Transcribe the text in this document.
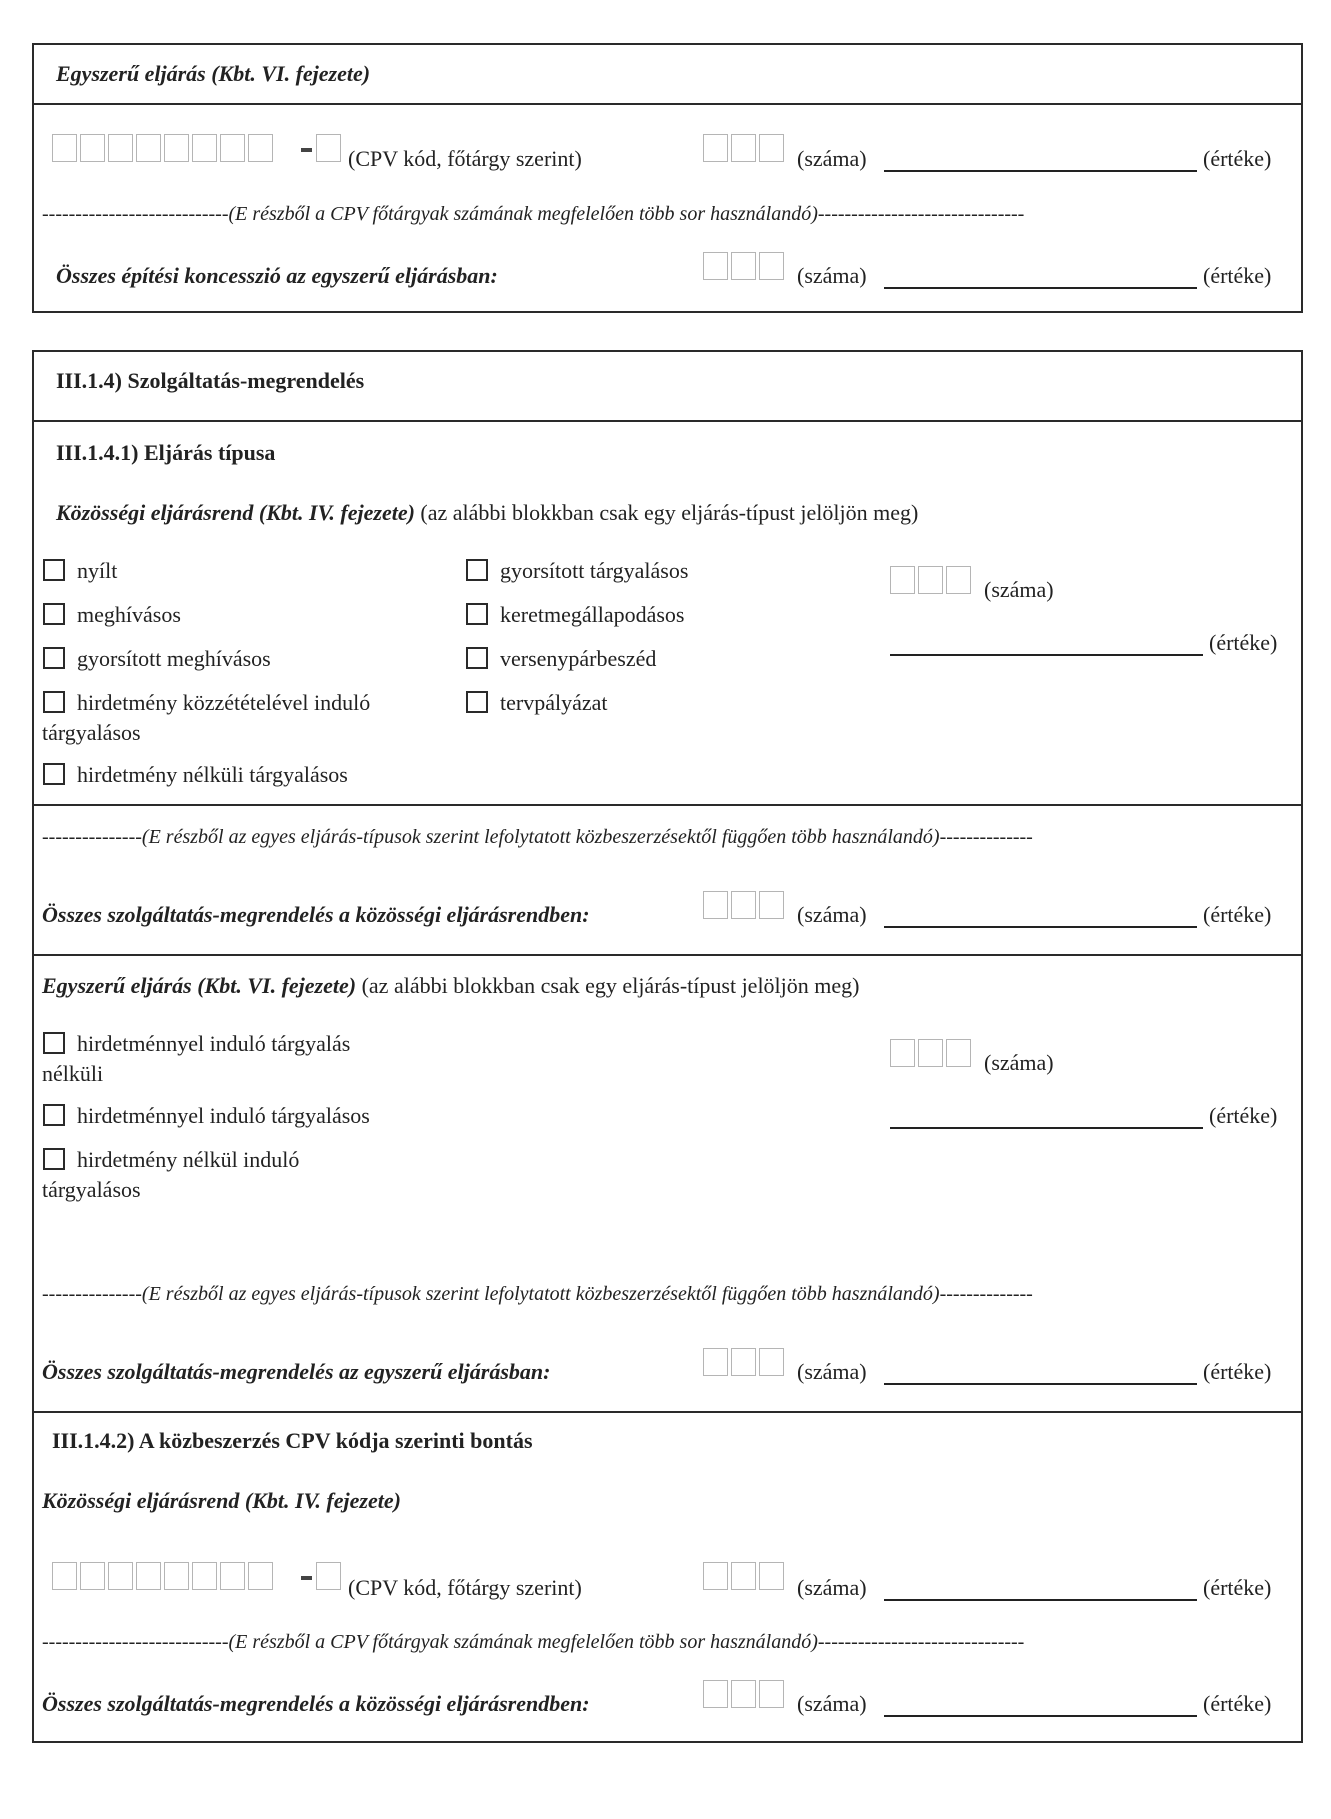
Egyszerű eljárás (Kbt. VI. fejezete)
(CPV kód, főtárgy szerint)	(száma)	(értéke)
----------------------------(E részből a CPV főtárgyak számának megfelelően több sor használandó)-------------------------------
Összes építési koncesszió az egyszerű eljárásban:	(száma)	(értéke)
III.1.4) Szolgáltatás-megrendelés
III.1.4.1) Eljárás típusa
Közösségi eljárásrend (Kbt. IV. fejezete) (az alábbi blokkban csak egy eljárás-típust jelöljön meg)
nyílt
meghívásos
gyorsított meghívásos
hirdetmény közzétételével induló
tárgyalásos
hirdetmény nélküli tárgyalásos
gyorsított tárgyalásos
keretmegállapodásos
versenypárbeszéd
tervpályázat
(száma)
(értéke)
---------------(E részből az egyes eljárás-típusok szerint lefolytatott közbeszerzésektől függően több használandó)--------------
Összes szolgáltatás-megrendelés a közösségi eljárásrendben:	(száma)	(értéke)
Egyszerű eljárás (Kbt. VI. fejezete) (az alábbi blokkban csak egy eljárás-típust jelöljön meg)
hirdetménnyel induló tárgyalás
nélküli
hirdetménnyel induló tárgyalásos
hirdetmény nélkül induló
tárgyalásos
(száma)
(értéke)
---------------(E részből az egyes eljárás-típusok szerint lefolytatott közbeszerzésektől függően több használandó)--------------
Összes szolgáltatás-megrendelés az egyszerű eljárásban:	(száma)	(értéke)
III.1.4.2) A közbeszerzés CPV kódja szerinti bontás
Közösségi eljárásrend (Kbt. IV. fejezete)
(CPV kód, főtárgy szerint)	(száma)	(értéke)
----------------------------(E részből a CPV főtárgyak számának megfelelően több sor használandó)-------------------------------
Összes szolgáltatás-megrendelés a közösségi eljárásrendben:	(száma)	(értéke)
